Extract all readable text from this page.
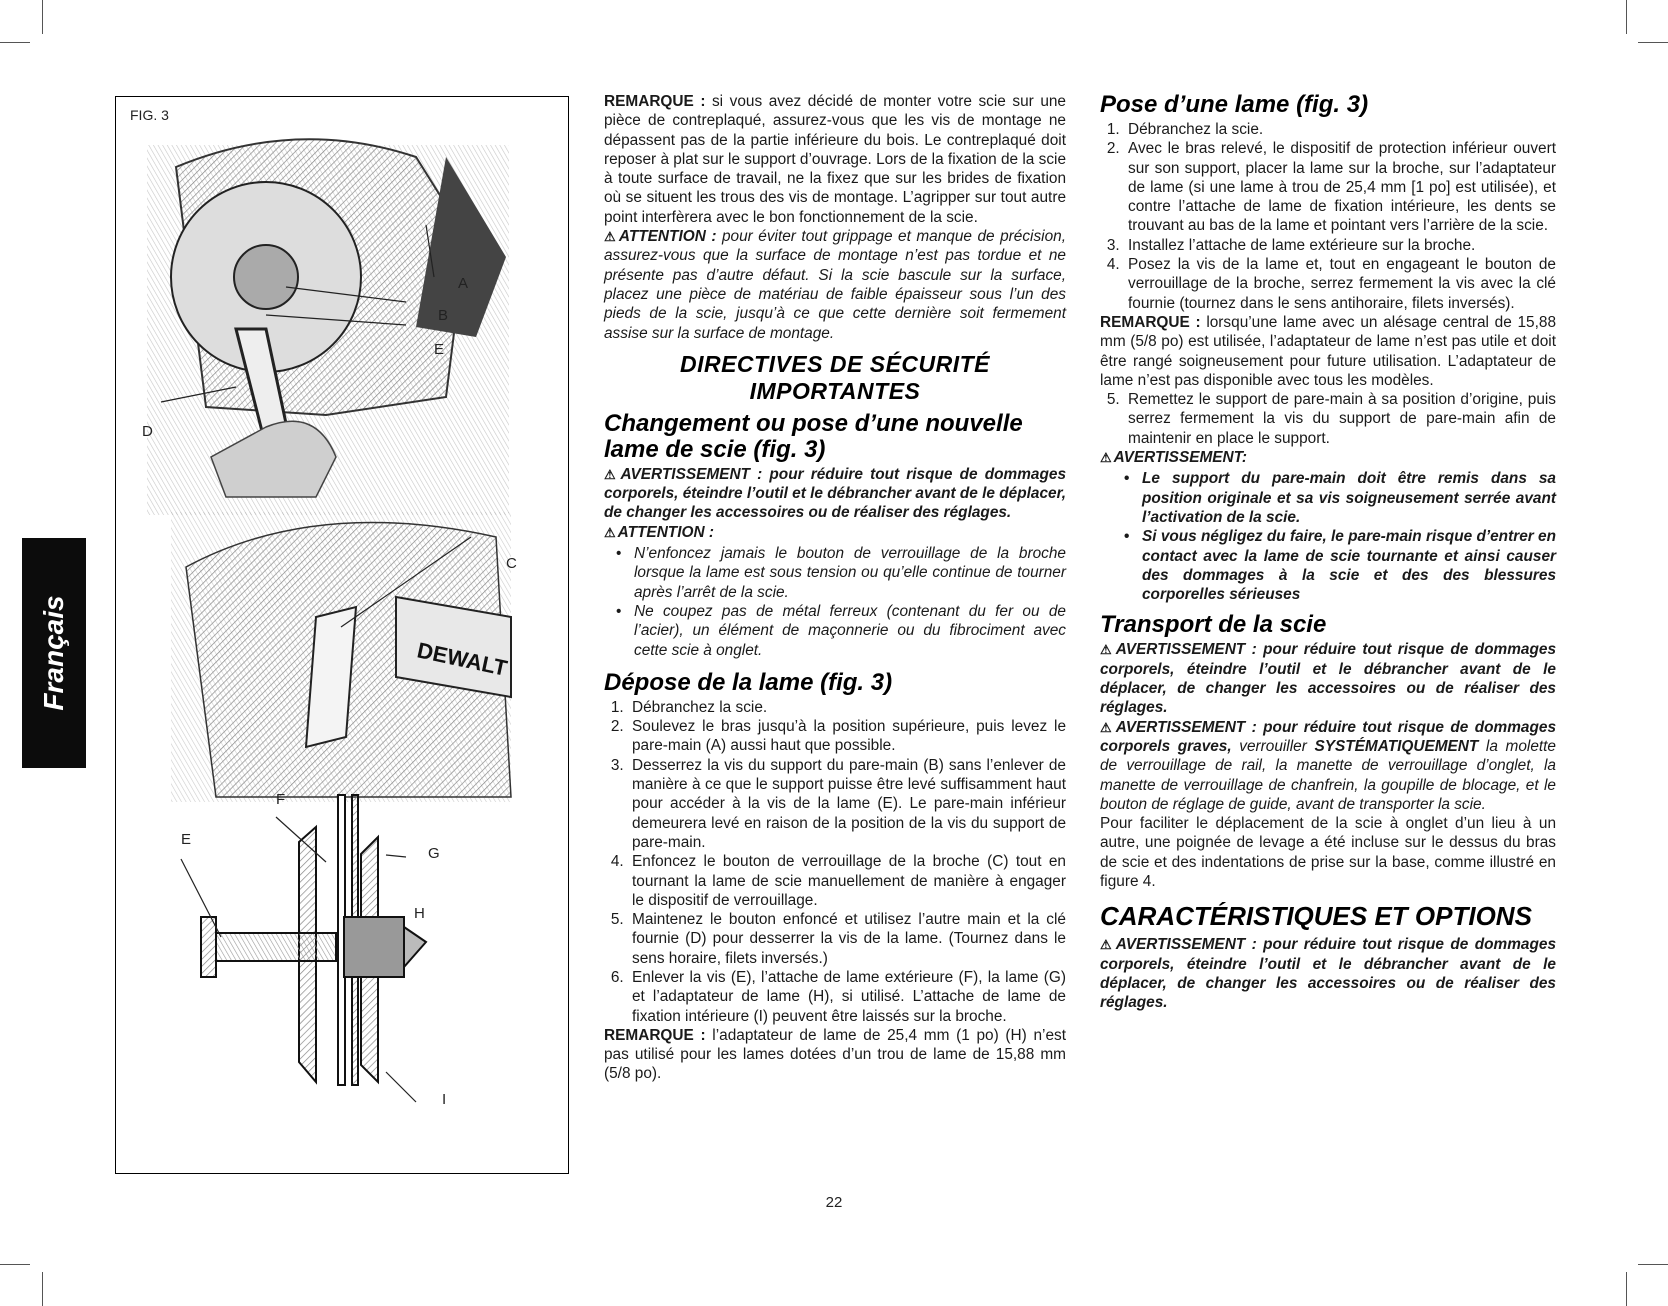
Français
FIG. 3
DEWALT
A
B
E
D
C
F
E
G
H
I

REMARQUE : si vous avez décidé de monter votre scie sur une pièce de contreplaqué, assurez-vous que les vis de montage ne dépassent pas de la partie inférieure du bois. Le contreplaqué doit reposer à plat sur le support d’ouvrage. Lors de la fixation de la scie à toute surface de travail, ne la fixez que sur les brides de fixation où se situent les trous des vis de montage. L’agripper sur tout autre point interfèrera avec le bon fonctionnement de la scie.

⚠ ATTENTION : pour éviter tout grippage et manque de précision, assurez-vous que la surface de montage n’est pas tordue et ne présente pas d’autre défaut. Si la scie bascule sur la surface, placez une pièce de matériau de faible épaisseur sous l’un des pieds de la scie, jusqu’à ce que cette dernière soit fermement assise sur la surface de montage.

DIRECTIVES DE SÉCURITÉ
IMPORTANTES
Changement ou pose d’une nouvelle lame de scie (fig. 3)

⚠ AVERTISSEMENT : pour réduire tout risque de dommages corporels, éteindre l’outil et le débrancher avant de le déplacer, de changer les accessoires ou de réaliser des réglages.

⚠ ATTENTION :

• N’enfoncez jamais le bouton de verrouillage de la broche lorsque la lame est sous tension ou qu’elle continue de tourner après l’arrêt de la scie.
• Ne coupez pas de métal ferreux (contenant du fer ou de l’acier), un élément de maçonnerie ou du fibrociment avec cette scie à onglet.
Dépose de la lame (fig. 3)
1. Débranchez la scie.
2. Soulevez le bras jusqu’à la position supérieure, puis levez le pare-main (A) aussi haut que possible.
3. Desserrez la vis du support du pare-main (B) sans l’enlever de manière à ce que le support puisse être levé suffisamment haut pour accéder à la vis de la lame (E). Le pare-main inférieur demeurera levé en raison de la position de la vis du support de pare-main.
4. Enfoncez le bouton de verrouillage de la broche (C) tout en tournant la lame de scie manuellement de manière à engager le dispositif de verrouillage.
5. Maintenez le bouton enfoncé et utilisez l’autre main et la clé fournie (D) pour desserrer la vis de la lame. (Tournez dans le sens horaire, filets inversés.)
6. Enlever la vis (E), l’attache de lame extérieure (F), la lame (G) et l’adaptateur de lame (H), si utilisé. L’attache de lame de fixation intérieure (I) peuvent être laissés sur la broche.

REMARQUE : l’adaptateur de lame de 25,4 mm (1 po) (H) n’est pas utilisé pour les lames dotées d’un trou de lame de 15,88 mm (5/8 po).

Pose d’une lame (fig. 3)
1. Débranchez la scie.
2. Avec le bras relevé, le dispositif de protection inférieur ouvert sur son support, placer la lame sur la broche, sur l’adaptateur de lame (si une lame à trou de 25,4 mm [1 po] est utilisée), et contre l’attache de lame de fixation intérieure, les dents se trouvant au bas de la lame et pointant vers l’arrière de la scie.
3. Installez l’attache de lame extérieure sur la broche.
4. Posez la vis de la lame et, tout en engageant le bouton de verrouillage de la broche, serrez fermement la vis avec la clé fournie (tournez dans le sens antihoraire, filets inversés).

REMARQUE : lorsqu’une lame avec un alésage central de 15,88 mm (5/8 po) est utilisée, l’adaptateur de lame n’est pas utile et doit être rangé soigneusement pour future utilisation. L’adaptateur de lame n’est pas disponible avec tous les modèles.

5. Remettez le support de pare-main à sa position d’origine, puis serrez fermement la vis du support de pare-main afin de maintenir en place le support.

⚠ AVERTISSEMENT:

• Le support du pare-main doit être remis dans sa position originale et sa vis soigneusement serrée avant l’activation de la scie.
• Si vous négligez du faire, le pare-main risque d’entrer en contact avec la lame de scie tournante et ainsi causer des dommages à la scie et des des blessures corporelles sérieuses
Transport de la scie

⚠ AVERTISSEMENT : pour réduire tout risque de dommages corporels, éteindre l’outil et le débrancher avant de le déplacer, de changer les accessoires ou de réaliser des réglages.

⚠ AVERTISSEMENT : pour réduire tout risque de dommages corporels graves, verrouiller SYSTÉMATIQUEMENT la molette de verrouillage de rail, la manette de verrouillage d’onglet, la manette de verrouillage de chanfrein, la goupille de blocage, et le bouton de réglage de guide, avant de transporter la scie.

Pour faciliter le déplacement de la scie à onglet d’un lieu à un autre, une poignée de levage a été incluse sur le dessus du bras de scie et des indentations de prise sur la base, comme illustré en figure 4.

CARACTÉRISTIQUES ET OPTIONS

⚠ AVERTISSEMENT : pour réduire tout risque de dommages corporels, éteindre l’outil et le débrancher avant de le déplacer, de changer les accessoires ou de réaliser des réglages.

22
